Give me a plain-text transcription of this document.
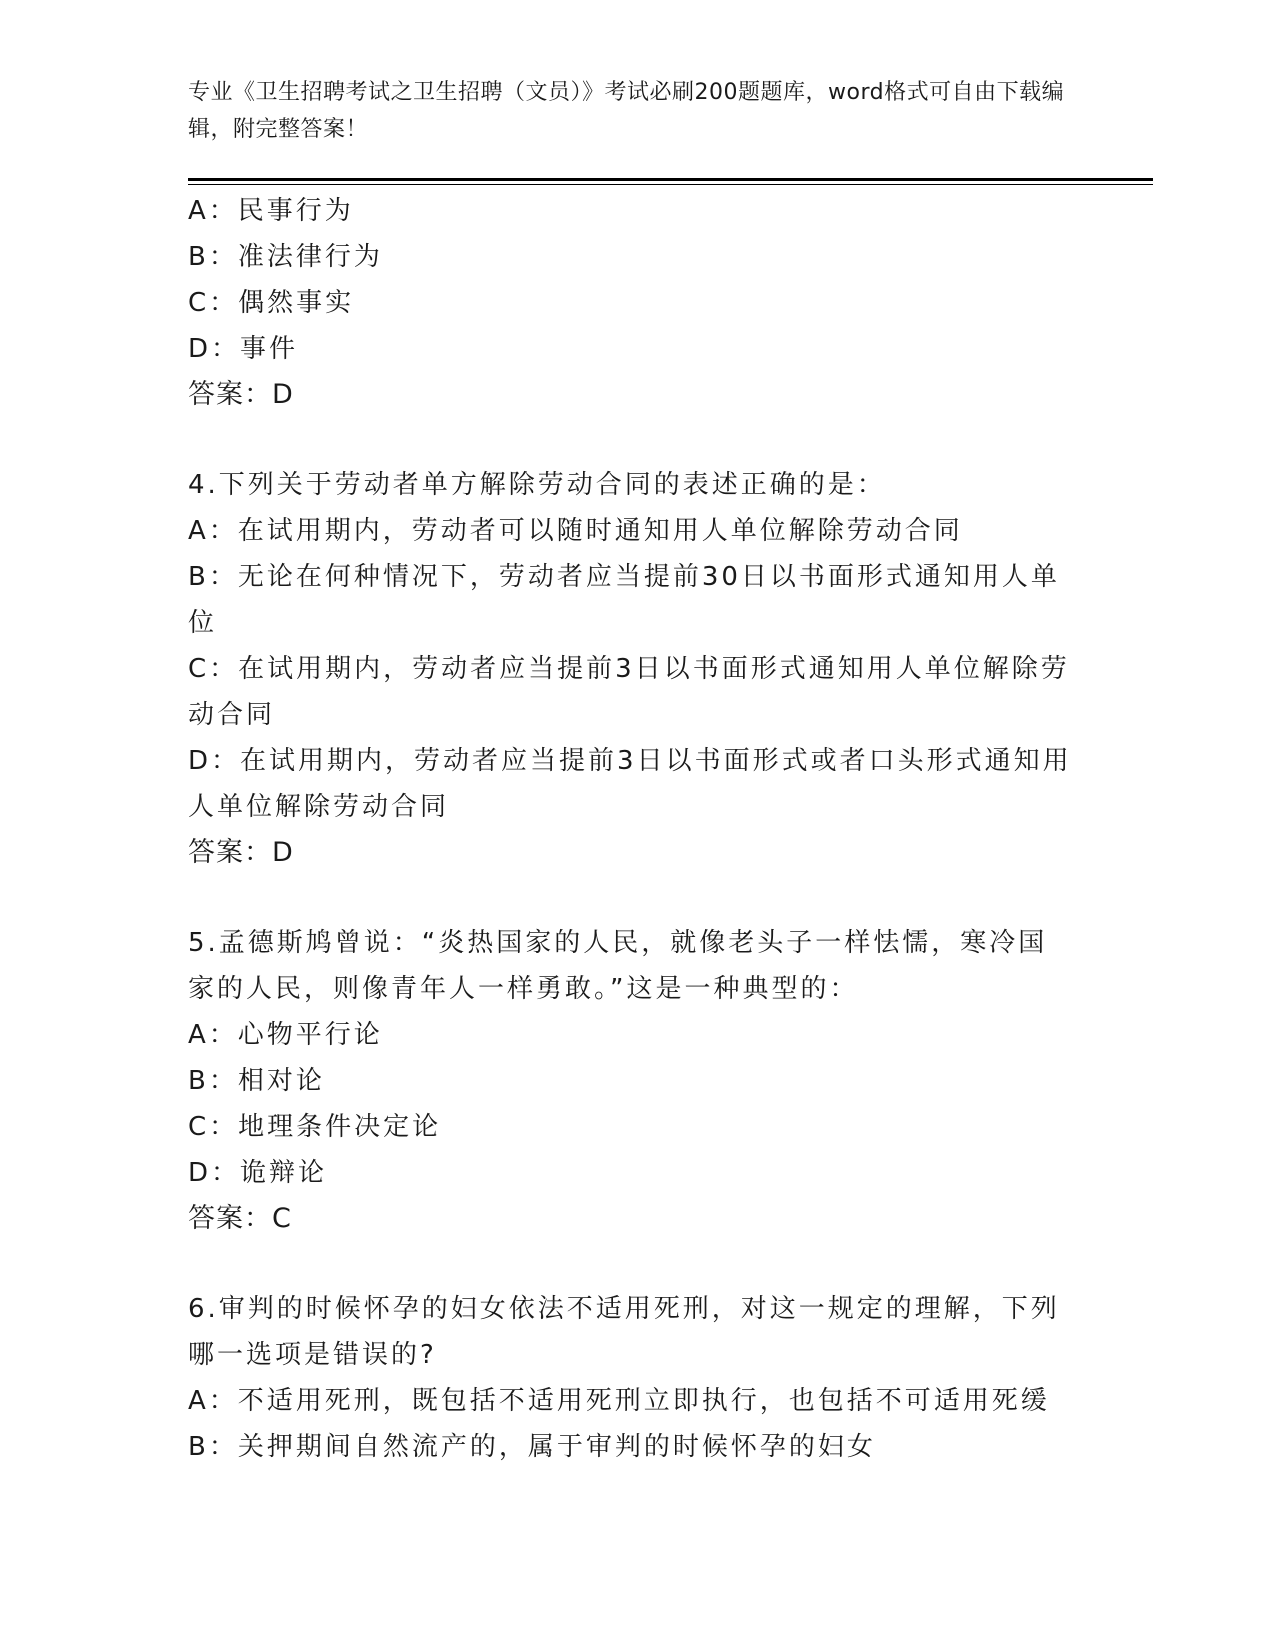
专业《卫生招聘考试之卫生招聘（文员）》考试必刷200题题库，word格式可自由下载编辑，附完整答案！
A：民事行为
B：准法律行为
C：偶然事实
D：事件
答案：D
4.下列关于劳动者单方解除劳动合同的表述正确的是：
A：在试用期内，劳动者可以随时通知用人单位解除劳动合同
B：无论在何种情况下，劳动者应当提前30日以书面形式通知用人单
位
C：在试用期内，劳动者应当提前3日以书面形式通知用人单位解除劳
动合同
D：在试用期内，劳动者应当提前3日以书面形式或者口头形式通知用
人单位解除劳动合同
答案：D
5.孟德斯鸠曾说：“炎热国家的人民，就像老头子一样怯懦，寒冷国
家的人民，则像青年人一样勇敢。”这是一种典型的：
A：心物平行论
B：相对论
C：地理条件决定论
D：诡辩论
答案：C
6.审判的时候怀孕的妇女依法不适用死刑，对这一规定的理解，下列
哪一选项是错误的?
A：不适用死刑，既包括不适用死刑立即执行，也包括不可适用死缓
B：关押期间自然流产的，属于审判的时候怀孕的妇女
